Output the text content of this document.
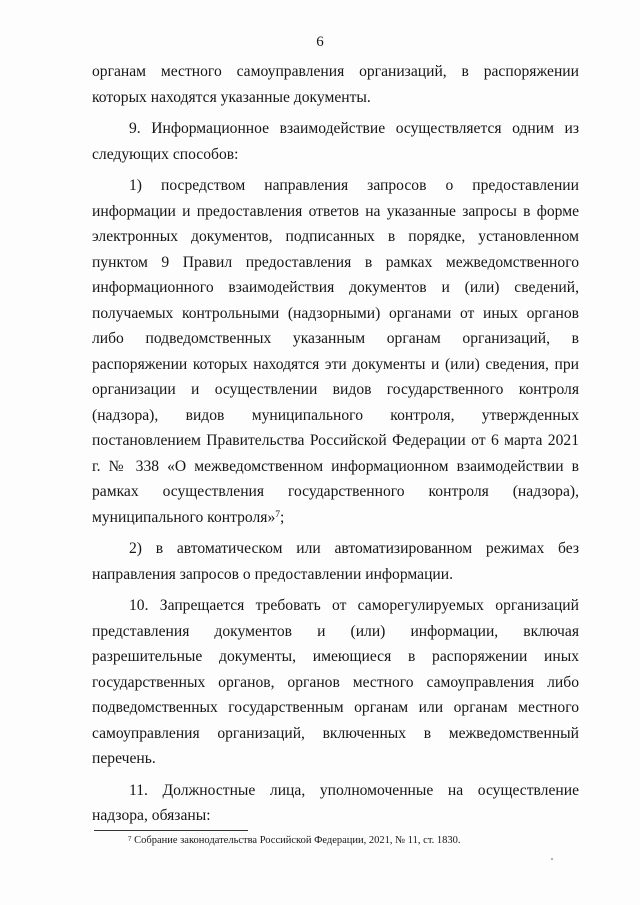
6

органам местного самоуправления организаций, в распоряжении которых находятся указанные документы.

9. Информационное взаимодействие осуществляется одним из следующих способов:

1) посредством направления запросов о предоставлении информации и предоставления ответов на указанные запросы в форме электронных документов, подписанных в порядке, установленном пунктом 9 Правил предоставления в рамках межведомственного информационного взаимодействия документов и (или) сведений, получаемых контрольными (надзорными) органами от иных органов либо подведомственных указанным органам организаций, в распоряжении которых находятся эти документы и (или) сведения, при организации и осуществлении видов государственного контроля (надзора), видов муниципального контроля, утвержденных постановлением Правительства Российской Федерации от 6 марта 2021 г. № 338 «О межведомственном информационном взаимодействии в рамках осуществления государственного контроля (надзора), муниципального контроля»$^7$;

2) в автоматическом или автоматизированном режимах без направления запросов о предоставлении информации.

10. Запрещается требовать от саморегулируемых организаций представления документов и (или) информации, включая разрешительные документы, имеющиеся в распоряжении иных государственных органов, органов местного самоуправления либо подведомственных государственным органам или органам местного самоуправления организаций, включенных в межведомственный перечень.

11. Должностные лица, уполномоченные на осуществление надзора, обязаны:

$^7$ Собрание законодательства Российской Федерации, 2021, № 11, ст. 1830.
